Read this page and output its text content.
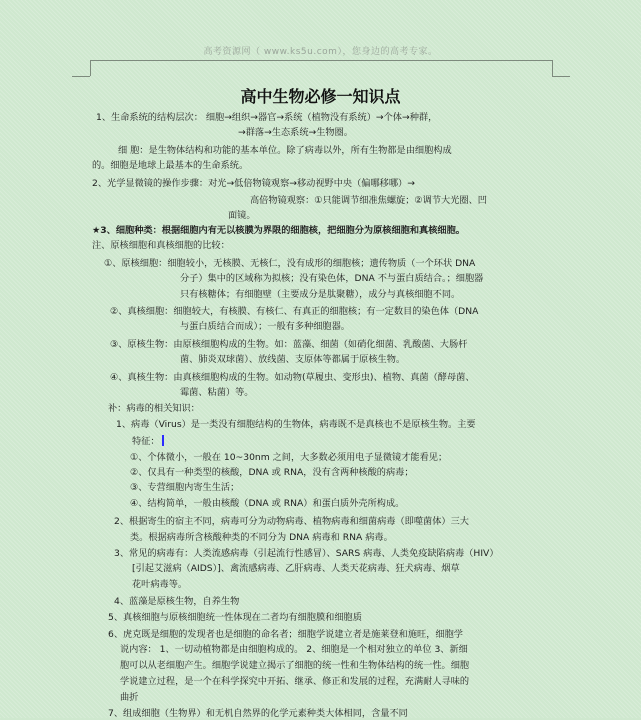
高考资源网（ www.ks5u.com），您身边的高考专家。
高中生物必修一知识点
1、生命系统的结构层次： 细胞→组织→器官→系统（植物没有系统）→个体→种群，
→群落→生态系统→生物圈。
细 胞：是生物体结构和功能的基本单位。除了病毒以外，所有生物都是由细胞构成
的。细胞是地球上最基本的生命系统。
2、光学显微镜的操作步骤：对光→低倍物镜观察→移动视野中央（偏哪移哪）→
高倍物镜观察：①只能调节细准焦螺旋；②调节大光圈、凹
面镜。
★3、细胞种类：根据细胞内有无以核膜为界限的细胞核，把细胞分为原核细胞和真核细胞。
注、原核细胞和真核细胞的比较：
①、原核细胞：细胞较小，无核膜、无核仁，没有成形的细胞核；遗传物质（一个环状 DNA
分子）集中的区域称为拟核；没有染色体，DNA 不与蛋白质结合。；细胞器
只有核糖体；有细胞壁（主要成分是肽聚糖），成分与真核细胞不同。
②、真核细胞：细胞较大，有核膜、有核仁、有真正的细胞核；有一定数目的染色体（DNA
与蛋白质结合而成）；一般有多种细胞器。
③、原核生物：由原核细胞构成的生物。如：蓝藻、细菌（如硝化细菌、乳酸菌、大肠杆
菌、肺炎双球菌）、放线菌、支原体等都属于原核生物。
④、真核生物：由真核细胞构成的生物。如动物(草履虫、变形虫)、植物、真菌（酵母菌、
霉菌、粘菌）等。
补：病毒的相关知识：
1、病毒（Virus）是一类没有细胞结构的生物体，病毒既不是真核也不是原核生物。主要
特征：
①、个体微小，一般在 10~30nm 之间，大多数必须用电子显微镜才能看见；
②、仅具有一种类型的核酸，DNA 或 RNA，没有含两种核酸的病毒；
③、专营细胞内寄生生活；
④、结构简单，一般由核酸（DNA 或 RNA）和蛋白质外壳所构成。
2、根据寄生的宿主不同，病毒可分为动物病毒、植物病毒和细菌病毒（即噬菌体）三大
类。根据病毒所含核酸种类的不同分为 DNA 病毒和 RNA 病毒。
3、常见的病毒有：人类流感病毒（引起流行性感冒）、SARS 病毒、人类免疫缺陷病毒（HIV）
[引起艾滋病（AIDS）]、禽流感病毒、乙肝病毒、人类天花病毒、狂犬病毒、烟草
花叶病毒等。
4、蓝藻是原核生物，自养生物
5、真核细胞与原核细胞统一性体现在二者均有细胞膜和细胞质
6、虎克既是细胞的发现者也是细胞的命名者；细胞学说建立者是施莱登和施旺，细胞学
说内容： 1、一切动植物都是由细胞构成的。 2、细胞是一个相对独立的单位 3、新细
胞可以从老细胞产生。细胞学说建立揭示了细胞的统一性和生物体结构的统一性。细胞
学说建立过程，是一个在科学探究中开拓、继承、修正和发展的过程，充满耐人寻味的
曲折
7、组成细胞（生物界）和无机自然界的化学元素种类大体相同，含量不同
